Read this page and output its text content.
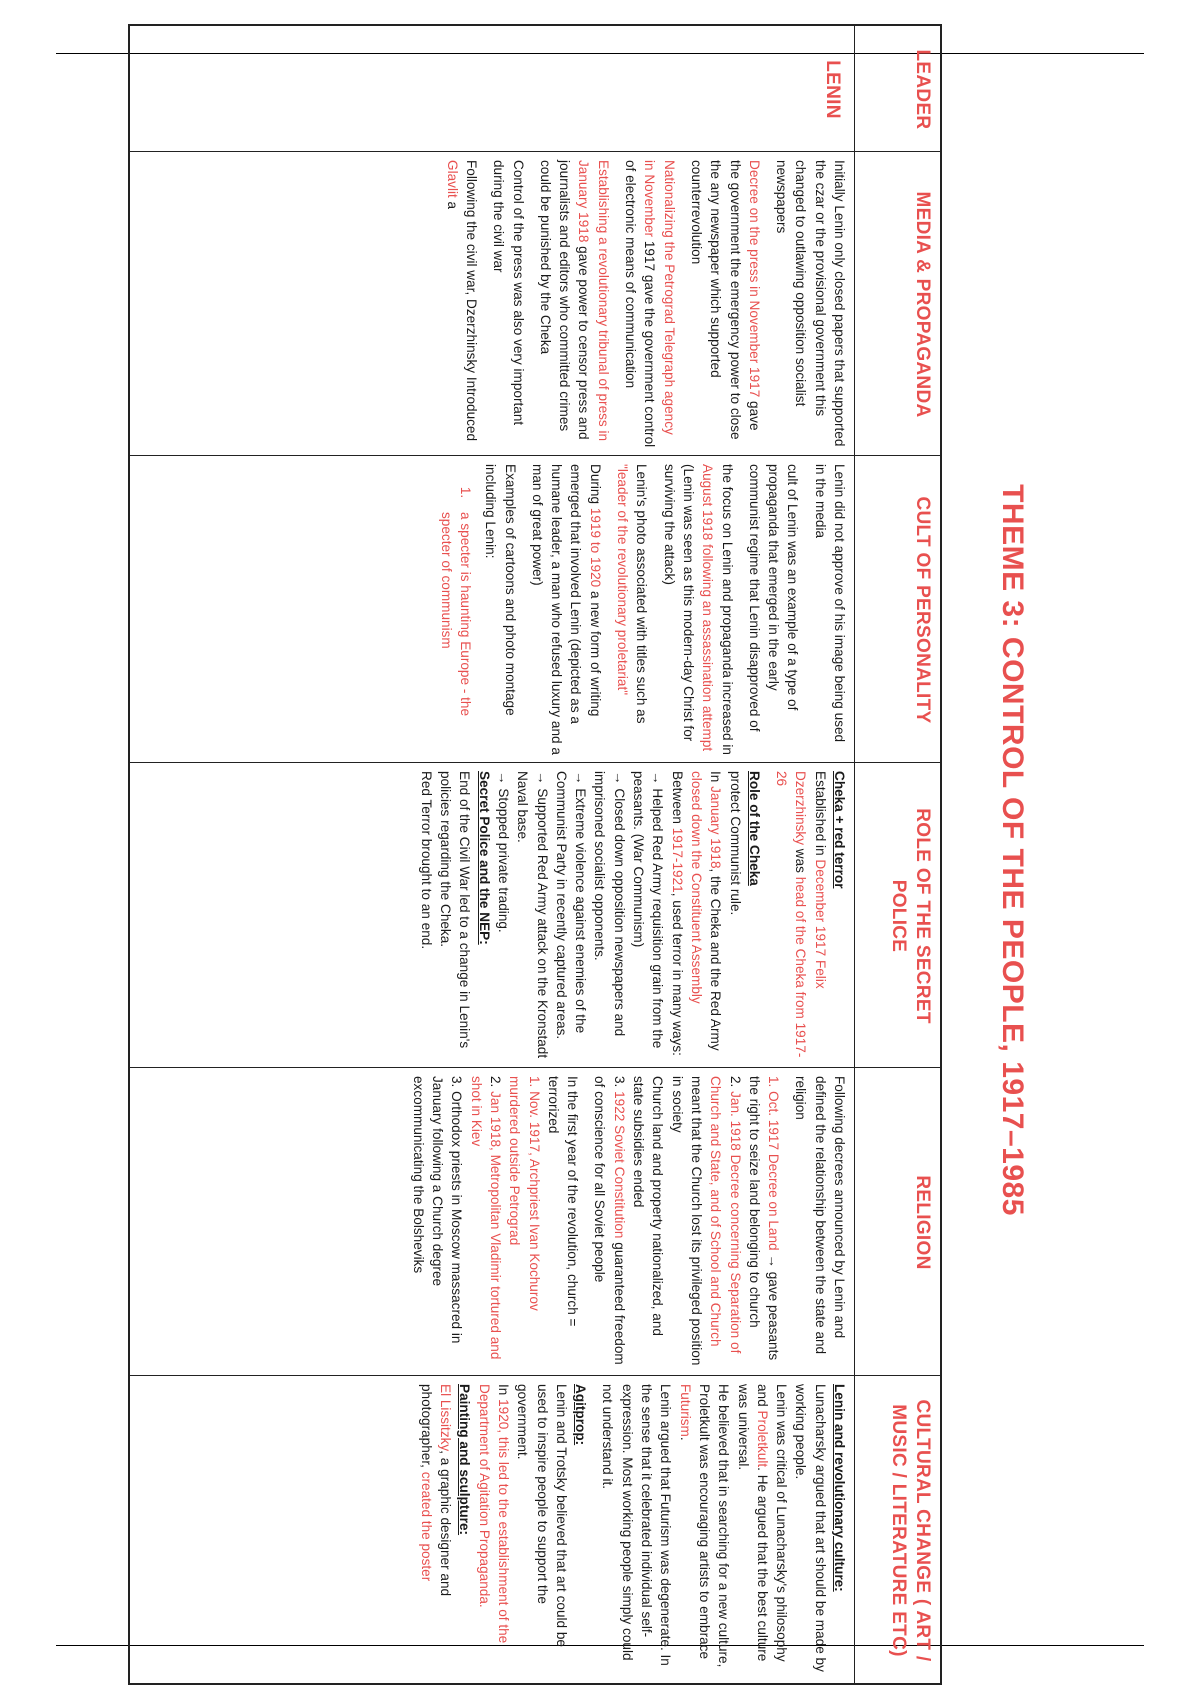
THEME 3: CONTROL OF THE PEOPLE, 1917–1985
LEADER
MEDIA & PROPAGANDA
CULT OF PERSONALITY
ROLE OF THE SECRET POLICE
RELIGION
CULTURAL CHANGE ( ART / MUSIC / LITERATURE ETC)
LENIN

Initially Lenin only closed papers that supported the czar or the provisional government this changed to outlawing opposition socialist newspapers

Decree on the press in November 1917 gave the government the emergency power to close the any newspaper which supported counterrevolution

Nationalizing the Petrograd Telegraph agency in November 1917 gave the government control of electronic means of communication

Establishing a revolutionary tribunal of press in January 1918 gave power to censor press and journalists and editors who committed crimes could be punished by the Cheka

Control of the press was also very important during the civil war

Following the civil war, Dzerzhinsky Introduced Glavlit a

Lenin did not approve of his image being used in the media

cult of Lenin was an example of a type of propaganda that emerged in the early communist regime that Lenin disapproved of

the focus on Lenin and propaganda increased in August 1918 following an assassination attempt (Lenin was seen as this modern-day Christ for surviving the attack)

Lenin's photo associated with titles such as "leader of the revolutionary proletariat"

During 1919 to 1920 a new form of writing emerged that involved Lenin (depicted as a humane leader, a man who refused luxury and a man of great power)

Examples of cartoons and photo montage including Lenin:

1. a specter is haunting Europe - the specter of communism
Cheka + red terror

Established in December 1917 Felix Dzerzhinsky was head of the Cheka from 1917-26

Role of the Cheka
protect Communist rule.
In January 1918, the Cheka and the Red Army closed down the Constituent Assembly
Between 1917-1921, used terror in many ways:
→ Helped Red Army requisition grain from the peasants. (War Communism)
→ Closed down opposition newspapers and imprisoned socialist opponents.
→ Extreme violence against enemies of the Communist Party in recently captured areas.
→ Supported Red Army attack on the Kronstadt Naval base.
→ Stopped private trading.
Secret Police and the NEP:
End of the Civil War led to a change in Lenin's policies regarding the Cheka.
Red Terror brought to an end.

Following decrees announced by Lenin and defined the relationship between the state and religion

1. Oct. 1917 Decree on Land → gave peasants the right to seize land belonging to church
2. Jan. 1918 Decree concerning Separation of Church and State, and of School and Church meant that the Church lost its privileged position in society
Church land and property nationalized, and state subsidies ended

3. 1922 Soviet Constitution guaranteed freedom of conscience for all Soviet people

In the first year of the revolution, church = terrorized
1. Nov. 1917, Archpriest Ivan Kochurov murdered outside Petrograd
2. Jan 1918, Metropolitan Vladimir tortured and shot in Kiev
3. Orthodox priests in Moscow massacred in January following a Church degree excommunicating the Bolsheviks
Lenin and revolutionary culture:
Lunacharsky argued that art should be made by working people.
Lenin was critical of Lunacharsky's philosophy and Proletkult. He argued that the best culture was universal.
He believed that in searching for a new culture, Proletkult was encouraging artists to embrace Futurism.
Lenin argued that Futurism was degenerate. In the sense that it celebrated individual self-expression. Most working people simply could not understand it.
Agitprop:
Lenin and Trotsky believed that art could be used to inspire people to support the government.
In 1920, this led to the establishment of the Department of Agitation Propaganda.
Painting and sculpture:
El Lissitzky, a graphic designer and photographer, created the poster
